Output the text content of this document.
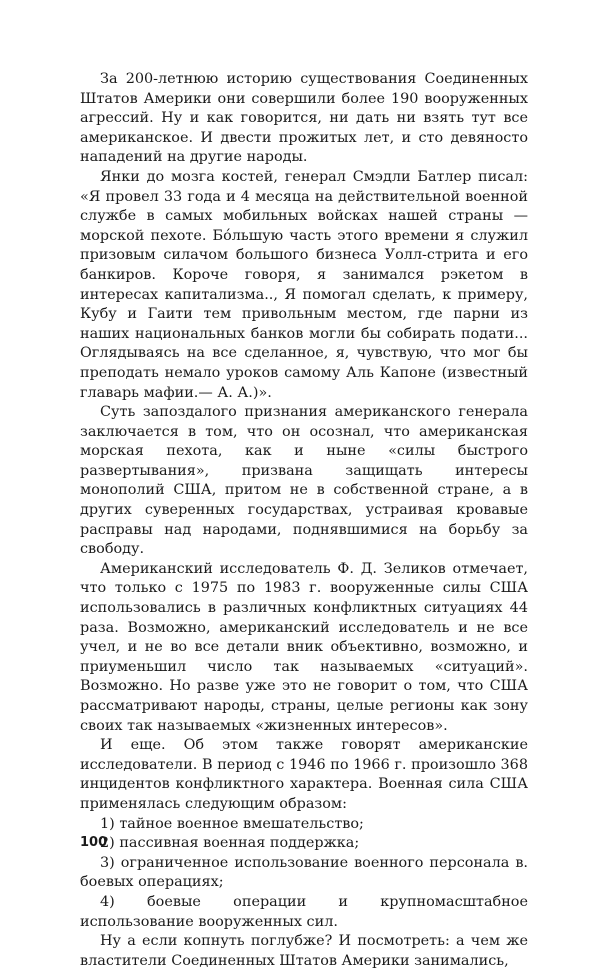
За 200-летнюю историю существования Соединенных Штатов Америки они совершили более 190 вооруженных агрессий. Ну и как говорится, ни дать ни взять тут все американское. И двести прожитых лет, и сто девяносто нападений на другие народы.

Янки до мозга костей, генерал Смэдли Батлер писал: «Я провел 33 года и 4 месяца на действительной военной службе в самых мобильных войсках нашей страны — морской пехоте. Бóльшую часть этого времени я служил призовым силачом большого бизнеса Уолл-стрита и его банкиров. Короче говоря, я занимался рэкетом в интересах капитализма.., Я помогал сделать, к примеру, Кубу и Гаити тем привольным местом, где парни из наших национальных банков могли бы собирать подати... Оглядываясь на все сделанное, я, чувствую, что мог бы преподать немало уроков самому Аль Капоне (известный главарь мафии.— А. А.)».

Суть запоздалого признания американского генерала заключается в том, что он осознал, что американская морская пехота, как и ныне «силы быстрого развертывания», призвана защищать интересы монополий США, притом не в собственной стране, а в других суверенных государствах, устраивая кровавые расправы над народами, поднявшимися на борьбу за свободу.

Американский исследователь Ф. Д. Зеликов отмечает, что только с 1975 по 1983 г. вооруженные силы США использовались в различных конфликтных ситуациях 44 раза. Возможно, американский исследователь и не все учел, и не во все детали вник объективно, возможно, и приуменьшил число так называемых «ситуаций». Возможно. Но разве уже это не говорит о том, что США рассматривают народы, страны, целые регионы как зону своих так называемых «жизненных интересов».

И еще. Об этом также говорят американские исследователи. В период с 1946 по 1966 г. произошло 368 инцидентов конфликтного характера. Военная сила США применялась следующим образом:

1) тайное военное вмешательство;

2) пассивная военная поддержка;

3) ограниченное использование военного персонала в. боевых операциях;

4) боевые операции и крупномасштабное использование вооруженных сил.

Ну а если копнуть поглубже? И посмотреть: а чем же властители Соединенных Штатов Америки занимались,

100
